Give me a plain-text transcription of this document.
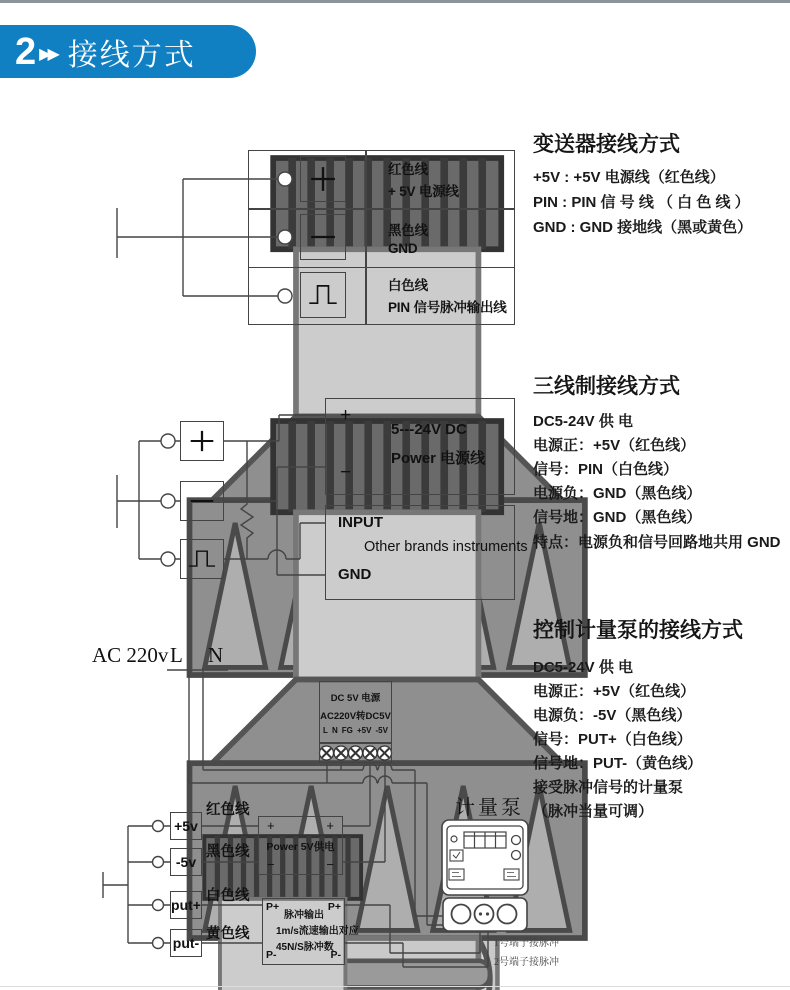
2 ▶▶ 接线方式
红色线
+ 5V 电源线
黑色线
GND
白色线
PIN 信号脉冲输出线
变送器接线方式
+5V : +5V 电源线（红色线）
PIN : PIN 信 号 线 （ 白 色 线 ）
GND : GND 接地线（黑或黄色）
+
−
5---24V DC
Power 电源线
INPUT
Other brands instruments
GND
三线制接线方式
DC5-24V 供 电
电源正：+5V（红色线）
信号：PIN（白色线）
电源负：GND（黑色线）
信号地：GND（黑色线）
特点：电源负和信号回路地共用 GND
控制计量泵的接线方式
DC5-24V 供 电
电源正：+5V（红色线）
电源负：-5V（黑色线）
信号：PUT+（白色线）
信号地：PUT-（黄色线）
接受脉冲信号的计量泵
（脉冲当量可调）
AC 220v L N
DC 5V 电源
AC220V转DC5V
L N FG +5V -5V
+5v
-5v
put+
put-
红色线
黑色线
白色线
黄色线
+	+
Power 5V供电
−	−
P+	P+
脉冲输出
1m/s流速输出对应
45N/S脉冲数
P-	P-
计量泵
1号端子接脉冲
2号端子接脉冲
